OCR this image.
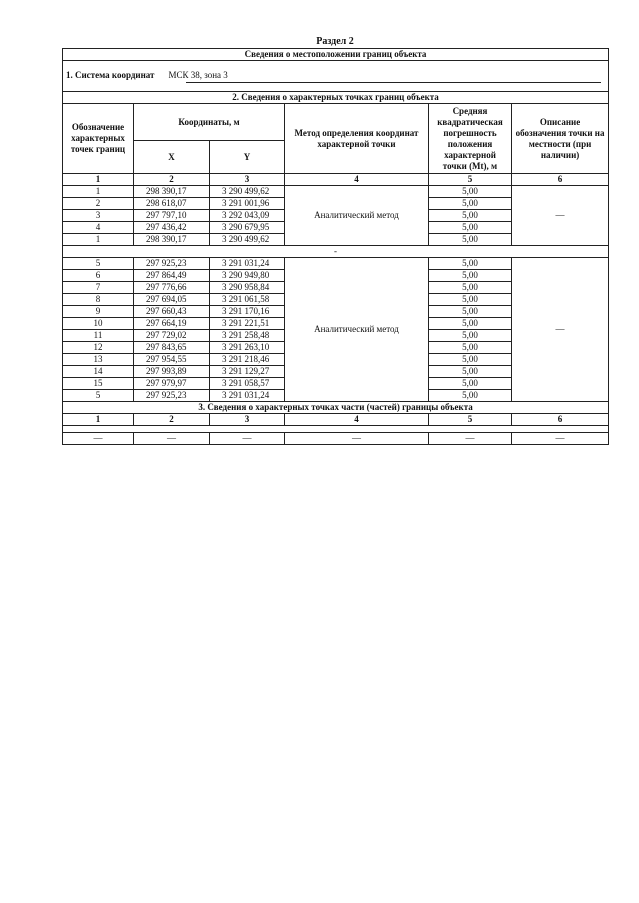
Раздел 2
Сведения о местоположении границ объекта					
1. Система координат МСК 38, зона 3					

2. Сведения о характерных точках границ объекта					
Обозначение характерных точек границ	Координаты, м		Метод определения координат характерной точки	Средняя квадратическая погрешность положения характерной точки (Mt), м	Описание обозначения точки на местности (при наличии)
	X	Y			
1	2	3	4	5	6
1	298 390,17	3 290 499,62	Аналитический метод	5,00	—
2	298 618,07	3 291 001,96		5,00	
3	297 797,10	3 292 043,09		5,00	
4	297 436,42	3 290 679,95		5,00	
1	298 390,17	3 290 499,62		5,00	
-					
5	297 925,23	3 291 031,24	Аналитический метод	5,00	—
6	297 864,49	3 290 949,80		5,00	
7	297 776,66	3 290 958,84		5,00	
8	297 694,05	3 291 061,58		5,00	
9	297 660,43	3 291 170,16		5,00	
10	297 664,19	3 291 221,51		5,00	
11	297 729,02	3 291 258,48		5,00	
12	297 843,65	3 291 263,10		5,00	
13	297 954,55	3 291 218,46		5,00	
14	297 993,89	3 291 129,27		5,00	
15	297 979,97	3 291 058,57		5,00	
5	297 925,23	3 291 031,24		5,00	
3. Сведения о характерных точках части (частей) границы объекта					
1	2	3	4	5	6

—	—	—	—	—	—
